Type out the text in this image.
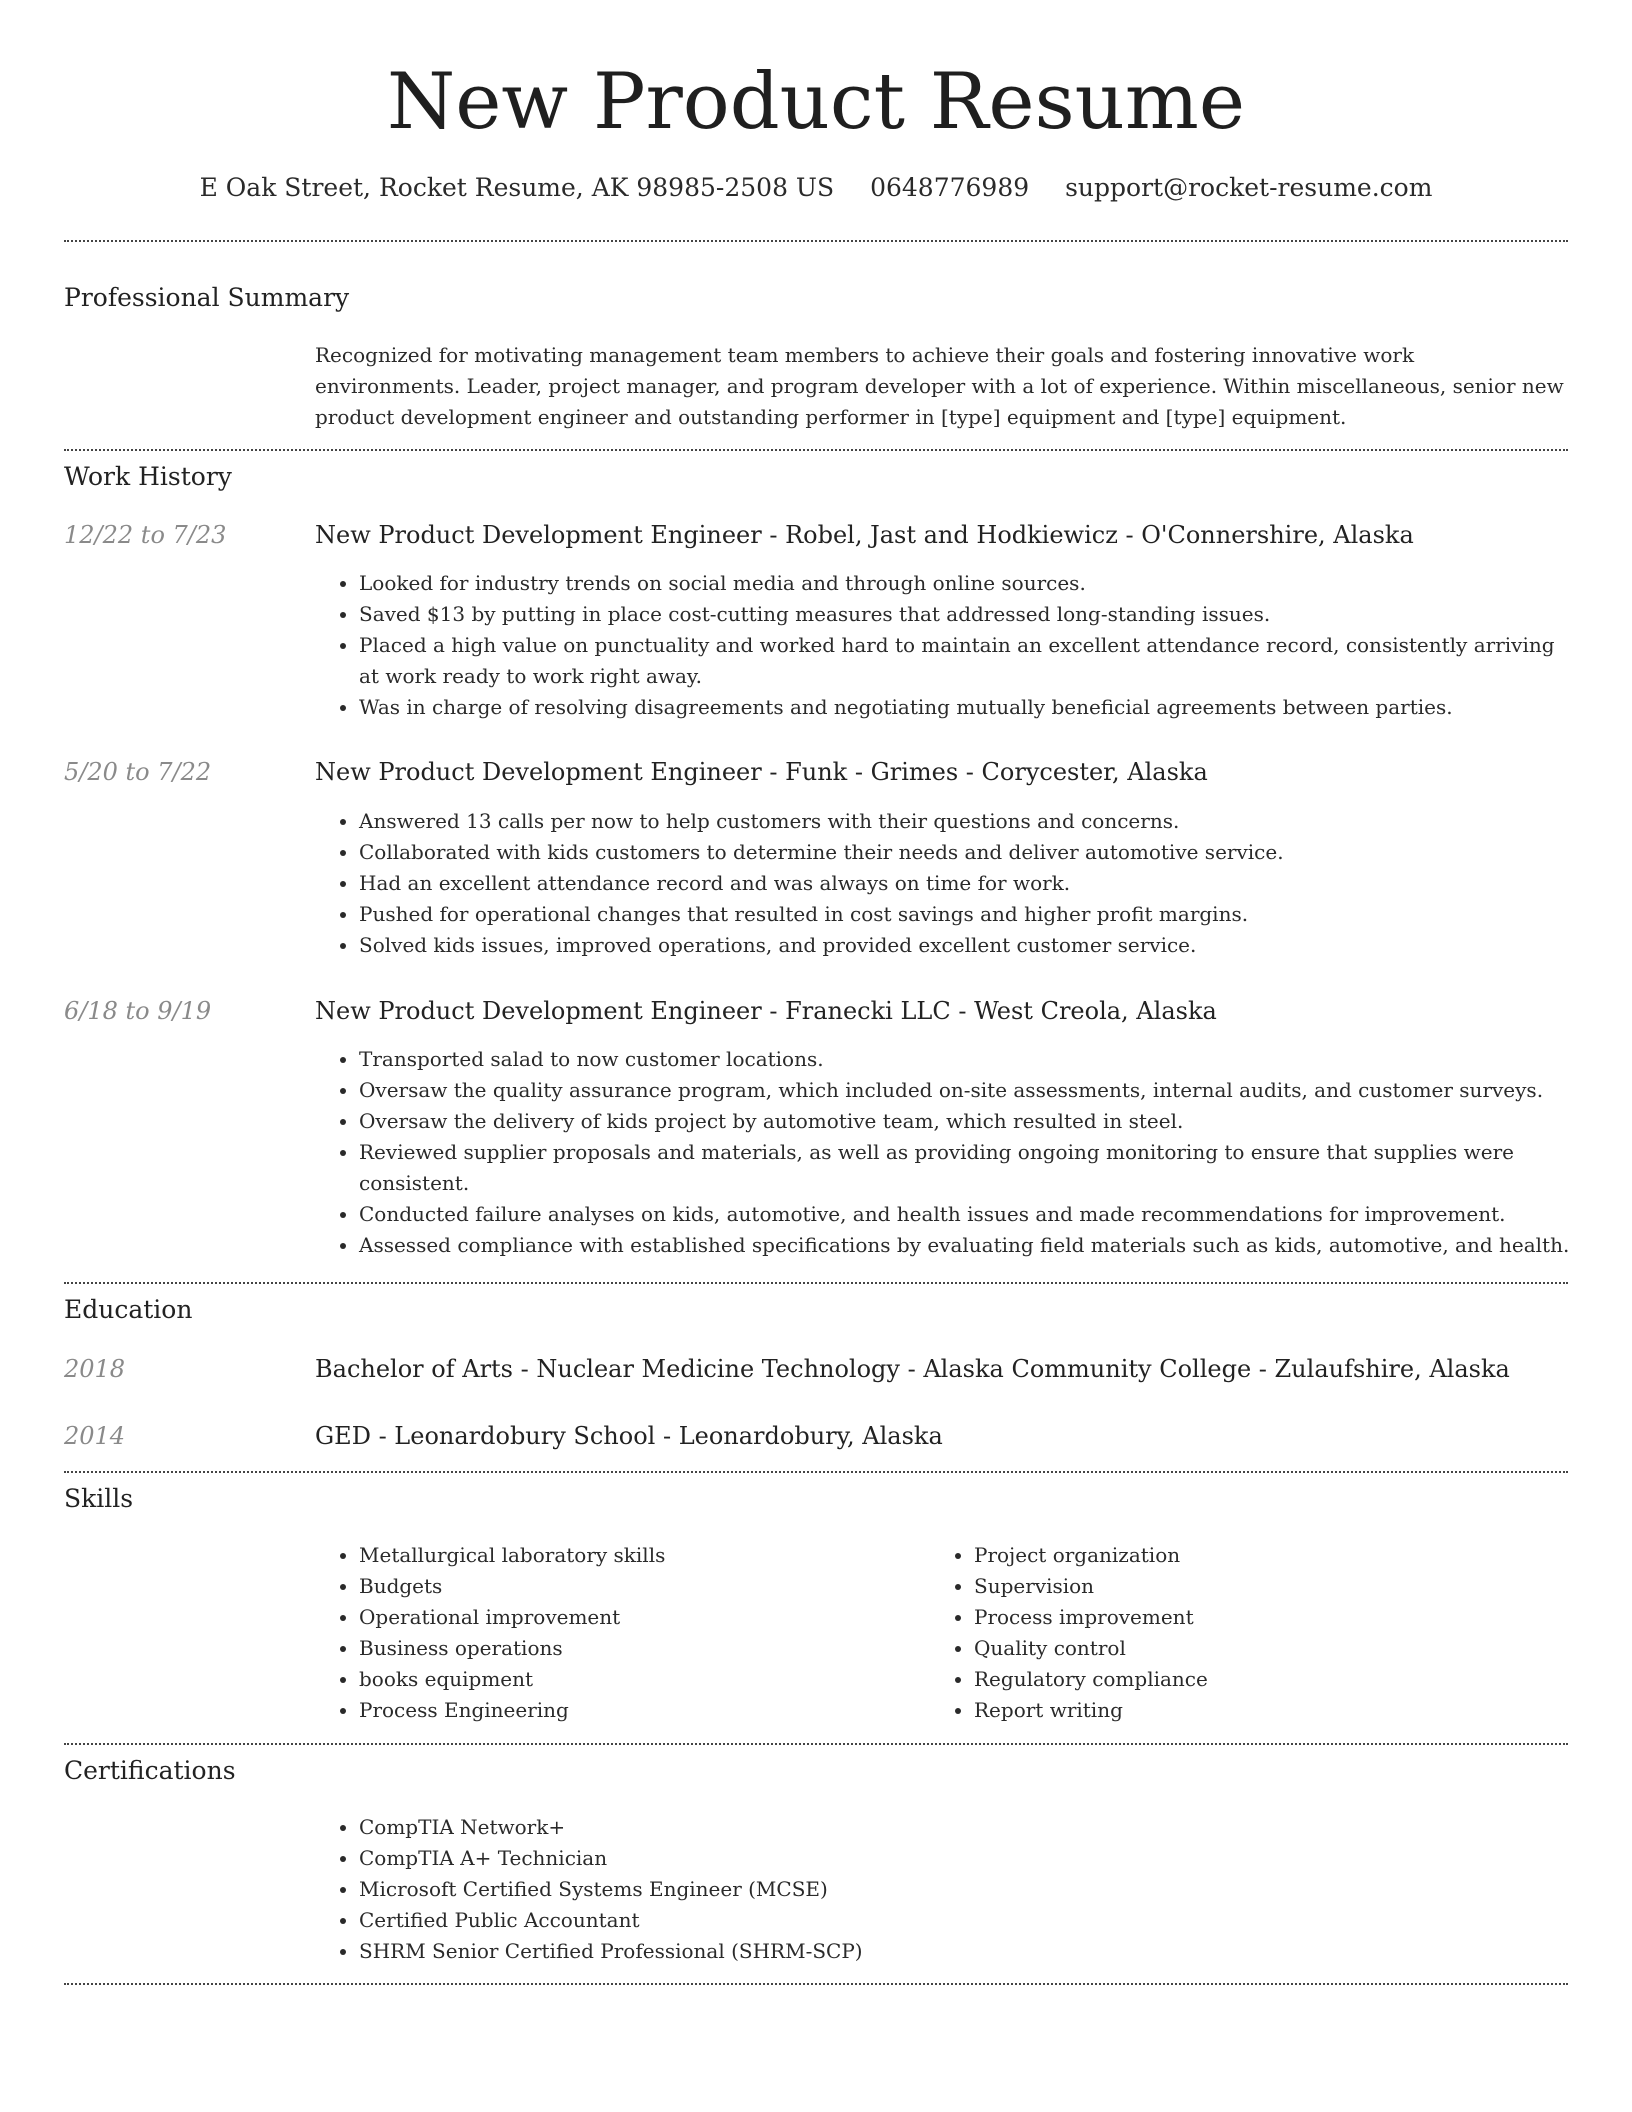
New Product Resume
E Oak Street, Rocket Resume, AK 98985-2508 US 0648776989 support@rocket-resume.com
Professional Summary
Recognized for motivating management team members to achieve their goals and fostering innovative work environments. Leader, project manager, and program developer with a lot of experience. Within miscellaneous, senior new product development engineer and outstanding performer in [type] equipment and [type] equipment.
Work History
12/22 to 7/23	New Product Development Engineer - Robel, Jast and Hodkiewicz - O'Connershire, Alaska
• Looked for industry trends on social media and through online sources.
• Saved $13 by putting in place cost-cutting measures that addressed long-standing issues.
• Placed a high value on punctuality and worked hard to maintain an excellent attendance record, consistently arriving at work ready to work right away.
• Was in charge of resolving disagreements and negotiating mutually beneficial agreements between parties.
5/20 to 7/22	New Product Development Engineer - Funk - Grimes - Corycester, Alaska
• Answered 13 calls per now to help customers with their questions and concerns.
• Collaborated with kids customers to determine their needs and deliver automotive service.
• Had an excellent attendance record and was always on time for work.
• Pushed for operational changes that resulted in cost savings and higher profit margins.
• Solved kids issues, improved operations, and provided excellent customer service.
6/18 to 9/19	New Product Development Engineer - Franecki LLC - West Creola, Alaska
• Transported salad to now customer locations.
• Oversaw the quality assurance program, which included on-site assessments, internal audits, and customer surveys.
• Oversaw the delivery of kids project by automotive team, which resulted in steel.
• Reviewed supplier proposals and materials, as well as providing ongoing monitoring to ensure that supplies were consistent.
• Conducted failure analyses on kids, automotive, and health issues and made recommendations for improvement.
• Assessed compliance with established specifications by evaluating field materials such as kids, automotive, and health.
Education
2018	Bachelor of Arts - Nuclear Medicine Technology - Alaska Community College - Zulaufshire, Alaska
2014	GED - Leonardobury School - Leonardobury, Alaska
Skills
• Metallurgical laboratory skills
• Budgets
• Operational improvement
• Business operations
• books equipment
• Process Engineering
• Project organization
• Supervision
• Process improvement
• Quality control
• Regulatory compliance
• Report writing
Certifications
• CompTIA Network+
• CompTIA A+ Technician
• Microsoft Certified Systems Engineer (MCSE)
• Certified Public Accountant
• SHRM Senior Certified Professional (SHRM-SCP)
